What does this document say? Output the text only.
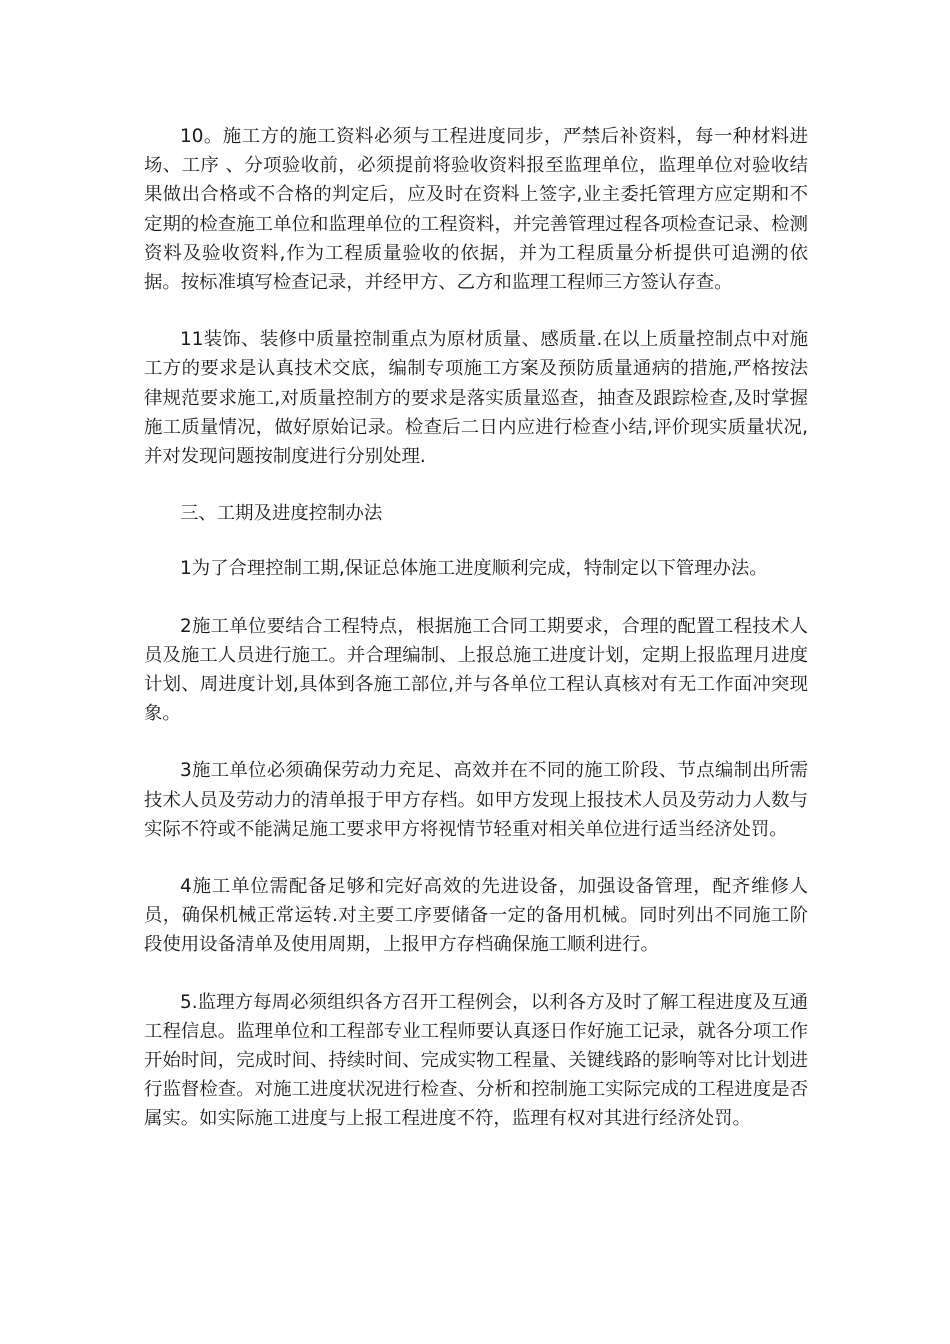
10。施工方的施工资料必须与工程进度同步，严禁后补资料，每一种材料进场、工序 、分项验收前，必须提前将验收资料报至监理单位，监理单位对验收结果做出合格或不合格的判定后，应及时在资料上签字,业主委托管理方应定期和不定期的检查施工单位和监理单位的工程资料，并完善管理过程各项检查记录、检测资料及验收资料,作为工程质量验收的依据，并为工程质量分析提供可追溯的依据。按标准填写检查记录，并经甲方、乙方和监理工程师三方签认存查。

11装饰、装修中质量控制重点为原材质量、感质量.在以上质量控制点中对施工方的要求是认真技术交底，编制专项施工方案及预防质量通病的措施,严格按法律规范要求施工,对质量控制方的要求是落实质量巡查，抽查及跟踪检查,及时掌握施工质量情况，做好原始记录。检查后二日内应进行检查小结,评价现实质量状况,并对发现问题按制度进行分别处理.

三、工期及进度控制办法

1为了合理控制工期,保证总体施工进度顺利完成，特制定以下管理办法。

2施工单位要结合工程特点，根据施工合同工期要求，合理的配置工程技术人员及施工人员进行施工。并合理编制、上报总施工进度计划，定期上报监理月进度计划、周进度计划,具体到各施工部位,并与各单位工程认真核对有无工作面冲突现象。

3施工单位必须确保劳动力充足、高效并在不同的施工阶段、节点编制出所需技术人员及劳动力的清单报于甲方存档。如甲方发现上报技术人员及劳动力人数与实际不符或不能满足施工要求甲方将视情节轻重对相关单位进行适当经济处罚。

4施工单位需配备足够和完好高效的先进设备，加强设备管理，配齐维修人员，确保机械正常运转.对主要工序要储备一定的备用机械。同时列出不同施工阶段使用设备清单及使用周期，上报甲方存档确保施工顺利进行。

5.监理方每周必须组织各方召开工程例会，以利各方及时了解工程进度及互通工程信息。监理单位和工程部专业工程师要认真逐日作好施工记录，就各分项工作开始时间，完成时间、持续时间、完成实物工程量、关键线路的影响等对比计划进行监督检查。对施工进度状况进行检查、分析和控制施工实际完成的工程进度是否属实。如实际施工进度与上报工程进度不符，监理有权对其进行经济处罚。
